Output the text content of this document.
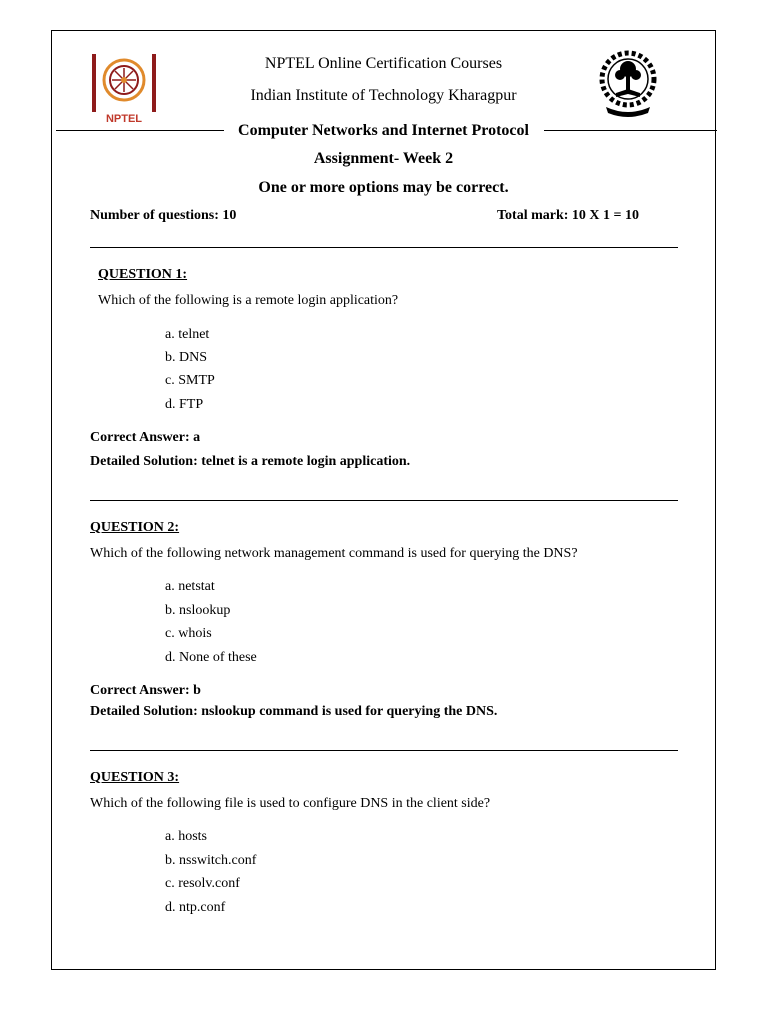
NPTEL
NPTEL Online Certification Courses
Indian Institute of Technology Kharagpur
Computer Networks and Internet Protocol
Assignment- Week 2
One or more options may be correct.
Number of questions: 10	Total mark: 10 X 1 = 10
QUESTION 1:
Which of the following is a remote login application?
a. telnet
b. DNS
c. SMTP
d. FTP
Correct Answer: a
Detailed Solution: telnet is a remote login application.
QUESTION 2:
Which of the following network management command is used for querying the DNS?
a. netstat
b. nslookup
c. whois
d. None of these
Correct Answer: b
Detailed Solution: nslookup command is used for querying the DNS.
QUESTION 3:
Which of the following file is used to configure DNS in the client side?
a. hosts
b. nsswitch.conf
c. resolv.conf
d. ntp.conf
